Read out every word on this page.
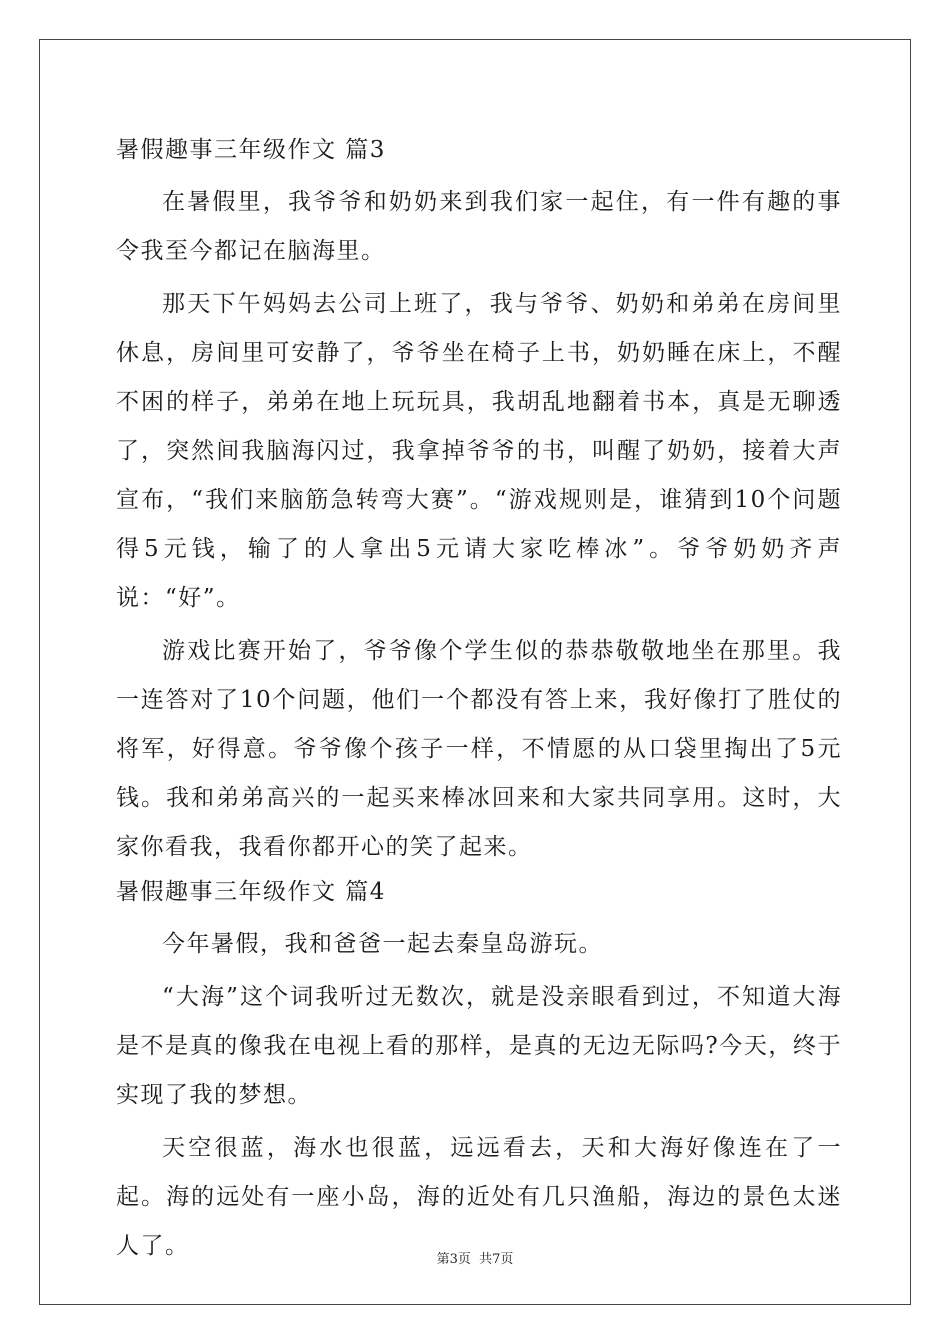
暑假趣事三年级作文 篇3

在暑假里，我爷爷和奶奶来到我们家一起住，有一件有趣的事令我至今都记在脑海里。

那天下午妈妈去公司上班了，我与爷爷、奶奶和弟弟在房间里休息，房间里可安静了，爷爷坐在椅子上书，奶奶睡在床上，不醒不困的样子，弟弟在地上玩玩具，我胡乱地翻着书本，真是无聊透了，突然间我脑海闪过，我拿掉爷爷的书，叫醒了奶奶，接着大声宣布，“我们来脑筋急转弯大赛”。“游戏规则是，谁猜到10个问题得5元钱，输了的人拿出5元请大家吃棒冰”。爷爷奶奶齐声说：“好”。

游戏比赛开始了，爷爷像个学生似的恭恭敬敬地坐在那里。我一连答对了10个问题，他们一个都没有答上来，我好像打了胜仗的将军，好得意。爷爷像个孩子一样，不情愿的从口袋里掏出了5元钱。我和弟弟高兴的一起买来棒冰回来和大家共同享用。这时，大家你看我，我看你都开心的笑了起来。

暑假趣事三年级作文 篇4

今年暑假，我和爸爸一起去秦皇岛游玩。

“大海”这个词我听过无数次，就是没亲眼看到过，不知道大海是不是真的像我在电视上看的那样，是真的无边无际吗?今天，终于实现了我的梦想。

天空很蓝，海水也很蓝，远远看去，天和大海好像连在了一起。海的远处有一座小岛，海的近处有几只渔船，海边的景色太迷人了。

第3页 共7页
